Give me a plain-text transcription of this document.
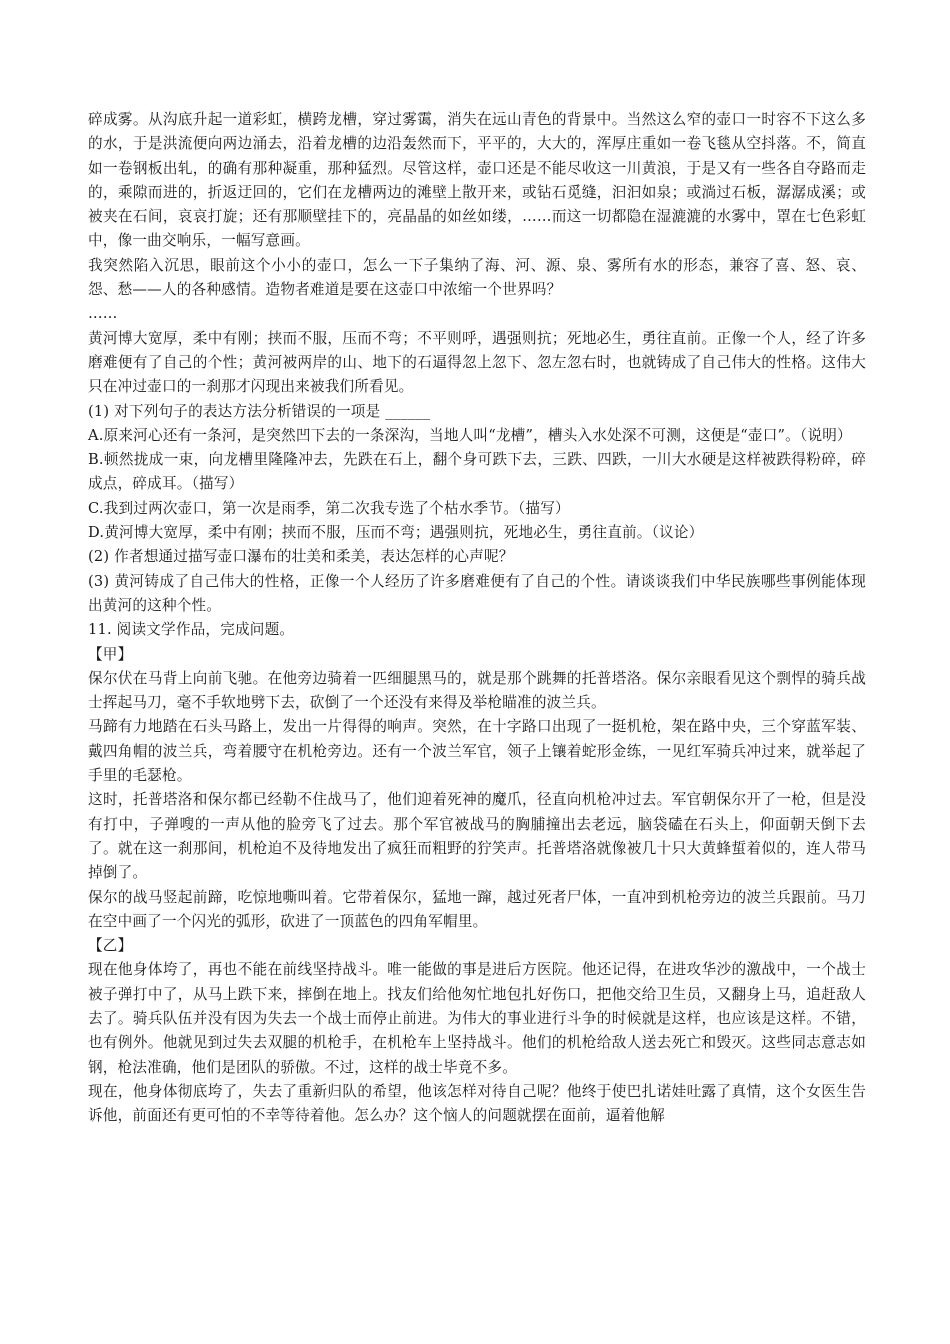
碎成雾。从沟底升起一道彩虹，横跨龙槽，穿过雾霭，消失在远山青色的背景中。当然这么窄的壶口一时容不下这么多的水，于是洪流便向两边涌去，沿着龙槽的边沿轰然而下，平平的，大大的，浑厚庄重如一卷飞毯从空抖落。不，简直如一卷钢板出轧，的确有那种凝重，那种猛烈。尽管这样，壶口还是不能尽收这一川黄浪，于是又有一些各自夺路而走的，乘隙而进的，折返迂回的，它们在龙槽两边的滩壁上散开来，或钻石觅缝，汩汩如泉；或淌过石板，潺潺成溪；或被夹在石间，哀哀打旋；还有那顺壁挂下的，亮晶晶的如丝如缕，……而这一切都隐在湿漉漉的水雾中，罩在七色彩虹中，像一曲交响乐，一幅写意画。

我突然陷入沉思，眼前这个小小的壶口，怎么一下子集纳了海、河、源、泉、雾所有水的形态，兼容了喜、怒、哀、怨、愁——人的各种感情。造物者难道是要在这壶口中浓缩一个世界吗？

……

黄河博大宽厚，柔中有刚；挟而不服，压而不弯；不平则呼，遇强则抗；死地必生，勇往直前。正像一个人，经了许多磨难便有了自己的个性；黄河被两岸的山、地下的石逼得忽上忽下、忽左忽右时，也就铸成了自己伟大的性格。这伟大只在冲过壶口的一刹那才闪现出来被我们所看见。

(1) 对下列句子的表达方法分析错误的一项是 ______

A.原来河心还有一条河，是突然凹下去的一条深沟，当地人叫“龙槽”，槽头入水处深不可测，这便是“壶口”。（说明）

B.顿然拢成一束，向龙槽里隆隆冲去，先跌在石上，翻个身可跌下去，三跌、四跌，一川大水硬是这样被跌得粉碎，碎成点，碎成耳。（描写）

C.我到过两次壶口，第一次是雨季，第二次我专选了个枯水季节。（描写）

D.黄河博大宽厚，柔中有刚；挟而不服，压而不弯；遇强则抗，死地必生，勇往直前。（议论）

(2) 作者想通过描写壶口瀑布的壮美和柔美，表达怎样的心声呢？

(3) 黄河铸成了自己伟大的性格，正像一个人经历了许多磨难便有了自己的个性。请谈谈我们中华民族哪些事例能体现出黄河的这种个性。

11. 阅读文学作品，完成问题。

【甲】

保尔伏在马背上向前飞驰。在他旁边骑着一匹细腿黑马的，就是那个跳舞的托普塔洛。保尔亲眼看见这个剽悍的骑兵战士挥起马刀，毫不手软地劈下去，砍倒了一个还没有来得及举枪瞄准的波兰兵。

马蹄有力地踏在石头马路上，发出一片得得的响声。突然，在十字路口出现了一挺机枪，架在路中央，三个穿蓝军装、戴四角帽的波兰兵，弯着腰守在机枪旁边。还有一个波兰军官，领子上镶着蛇形金练，一见红军骑兵冲过来，就举起了手里的毛瑟枪。

这时，托普塔洛和保尔都已经勒不住战马了，他们迎着死神的魔爪，径直向机枪冲过去。军官朝保尔开了一枪，但是没有打中，子弹嗖的一声从他的脸旁飞了过去。那个军官被战马的胸脯撞出去老远，脑袋磕在石头上，仰面朝天倒下去了。就在这一刹那间，机枪迫不及待地发出了疯狂而粗野的狞笑声。托普塔洛就像被几十只大黄蜂蜇着似的，连人带马掉倒了。

保尔的战马竖起前蹄，吃惊地嘶叫着。它带着保尔，猛地一蹿，越过死者尸体，一直冲到机枪旁边的波兰兵跟前。马刀在空中画了一个闪光的弧形，砍进了一顶蓝色的四角军帽里。

【乙】

现在他身体垮了，再也不能在前线坚持战斗。唯一能做的事是进后方医院。他还记得，在进攻华沙的激战中，一个战士被子弹打中了，从马上跌下来，摔倒在地上。找友们给他匆忙地包扎好伤口，把他交给卫生员，又翻身上马，追赶敌人去了。骑兵队伍并没有因为失去一个战士而停止前进。为伟大的事业进行斗争的时候就是这样，也应该是这样。不错，也有例外。他就见到过失去双腿的机枪手，在机枪车上坚持战斗。他们的机枪给敌人送去死亡和毁灭。这些同志意志如钢，枪法准确，他们是团队的骄傲。不过，这样的战士毕竟不多。

现在，他身体彻底垮了，失去了重新归队的希望，他该怎样对待自己呢？他终于使巴扎诺娃吐露了真情，这个女医生告诉他，前面还有更可怕的不幸等待着他。怎么办？这个恼人的问题就摆在面前，逼着他解
